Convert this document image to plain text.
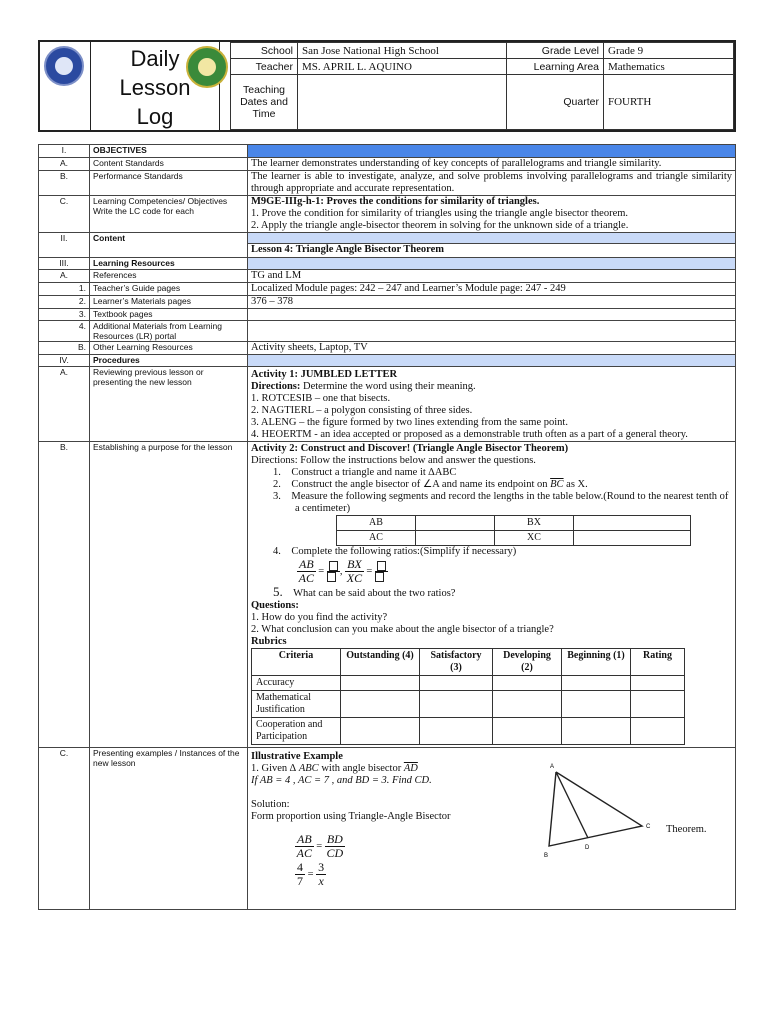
Daily
Lesson
Log
School	San Jose National High School	Grade Level	Grade 9
Teacher	MS. APRIL L. AQUINO	Learning Area	Mathematics
Teaching Dates and Time		Quarter	FOURTH
I.	OBJECTIVES	
A.	Content Standards	The learner demonstrates understanding of key concepts of parallelograms and triangle similarity.
B.	Performance Standards	The learner is able to investigate, analyze, and solve problems involving parallelograms and triangle similarity through appropriate and accurate representation.
C.	Learning Competencies/ Objectives Write the LC code for each	M9GE-IIIg-h-1: Proves the conditions for similarity of triangles.
1. Prove the condition for similarity of triangles using the triangle angle bisector theorem.
2. Apply the triangle angle-bisector theorem in solving for the unknown side of a triangle.
II.	Content	
Lesson 4: Triangle Angle Bisector Theorem

III.	Learning Resources	
A.	References	TG and LM
1.	Teacher’s Guide pages	Localized Module pages: 242 – 247 and Learner’s Module page: 247 - 249
2.	Learner’s Materials pages	376 – 378
3.	Textbook pages	
4.	Additional Materials from Learning Resources (LR) portal	
B.	Other Learning Resources	Activity sheets, Laptop, TV
IV.	Procedures	
A.	Reviewing previous lesson or presenting the new lesson	Activity 1: JUMBLED LETTER
Directions: Determine the word using their meaning.
1. ROTCESIB – one that bisects.
2. NAGTIERL – a polygon consisting of three sides.
3. ALENG – the figure formed by two lines extending from the same point.
4. HEOERTM - an idea accepted or proposed as a demonstrable truth often as a part of a general theory.
B.	Establishing a purpose for the lesson	Activity 2: Construct and Discover! (Triangle Angle Bisector Theorem)
Directions: Follow the instructions below and answer the questions.
1.    Construct a triangle and name it ∆ABC
2.    Construct the angle bisector of ∠A and name its endpoint on $\overline{BC}$ as X.
3.    Measure the following segments and record the lengths in the table below.(Round to the nearest tenth of a centimeter)
AB		BX	
AC		XC	
4.    Complete the following ratios:(Simplify if necessary)
$\frac{AB}{AC}$ =
, $\frac{BX}{XC}$ =
5. What can be said about the two ratios?
Questions:
1. How do you find the activity?
2. What conclusion can you make about the angle bisector of a triangle?
Rubrics
Criteria	Outstanding (4)	Satisfactory (3)	Developing (2)	Beginning (1)	Rating
Accuracy					
Mathematical Justification					
Cooperation and Participation					

C.	Presenting examples / Instances of the new lesson	Illustrative Example
1. Given ∆ ABC with angle bisector $\overline{AD}$
If AB = 4 , AC = 7 , and BD = 3. Find CD.

Solution:
Form proportion using Triangle-Angle Bisector
Theorem.
$\frac{AB}{AC} = \frac{BD}{CD}$
$\frac{4}{7} = \frac{3}{x}$
A
B
C
D
